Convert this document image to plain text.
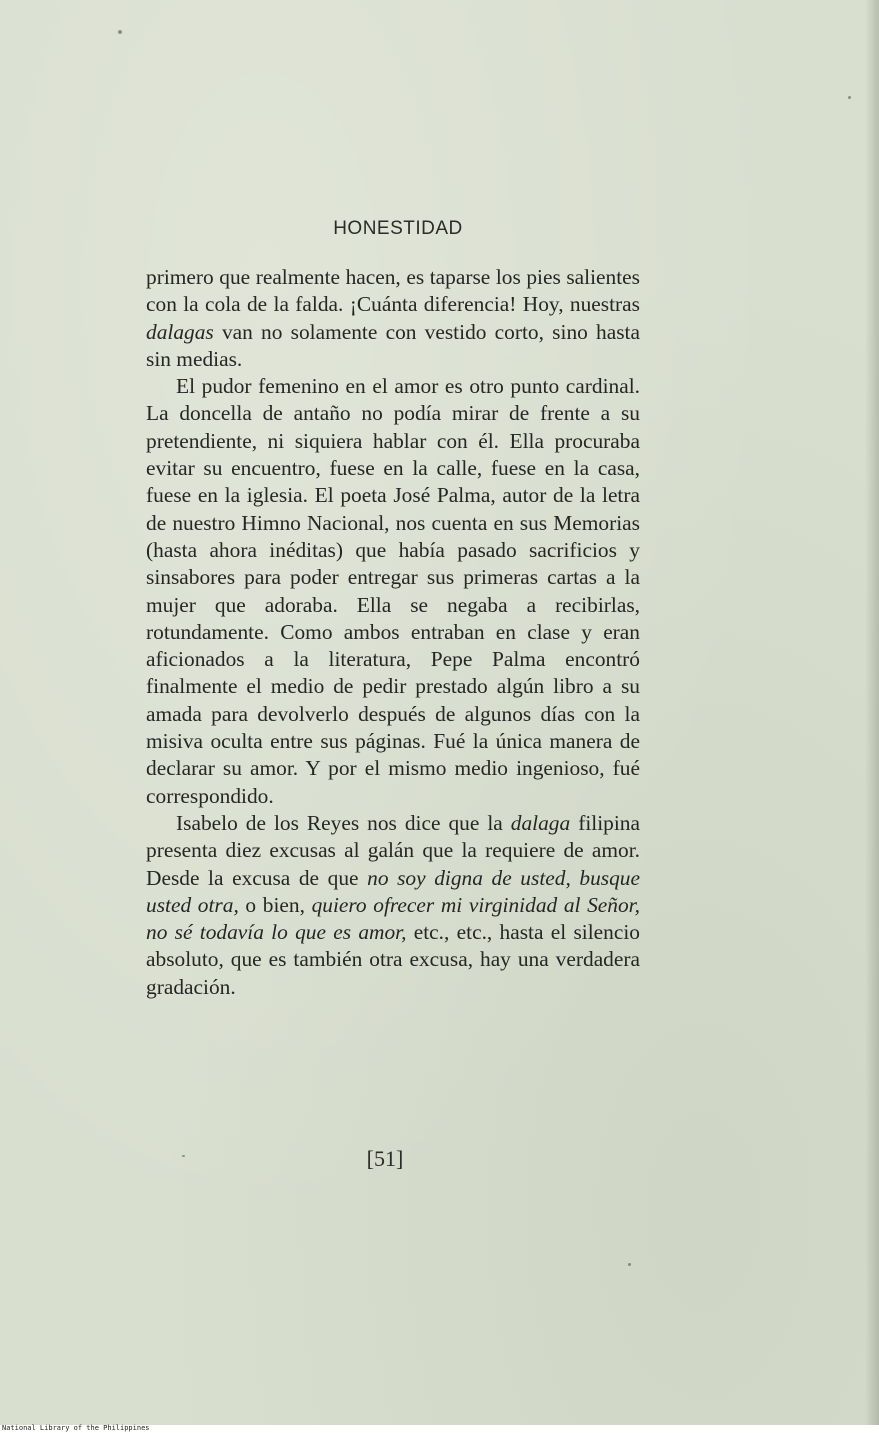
HONESTIDAD

primero que realmente hacen, es taparse los pies salientes con la cola de la falda. ¡Cuánta diferencia! Hoy, nuestras dalagas van no solamente con vestido corto, sino hasta sin medias.

El pudor femenino en el amor es otro punto cardinal. La doncella de antaño no podía mirar de frente a su pretendiente, ni siquiera hablar con él. Ella procuraba evitar su encuentro, fuese en la calle, fuese en la casa, fuese en la iglesia. El poeta José Palma, autor de la letra de nuestro Himno Nacional, nos cuenta en sus Memorias (hasta ahora inéditas) que había pasado sacrificios y sinsabores para poder entregar sus primeras cartas a la mujer que adoraba. Ella se negaba a recibirlas, rotundamente. Como ambos entraban en clase y eran aficionados a la literatura, Pepe Palma encontró finalmente el medio de pedir prestado algún libro a su amada para devolverlo después de algunos días con la misiva oculta entre sus páginas. Fué la única manera de declarar su amor. Y por el mismo medio ingenioso, fué correspondido.

Isabelo de los Reyes nos dice que la dalaga filipina presenta diez excusas al galán que la requiere de amor. Desde la excusa de que no soy digna de usted, busque usted otra, o bien, quiero ofrecer mi virginidad al Señor, no sé todavía lo que es amor, etc., etc., hasta el silencio absoluto, que es también otra excusa, hay una verdadera gradación.

[51]
National Library of the Philippines
